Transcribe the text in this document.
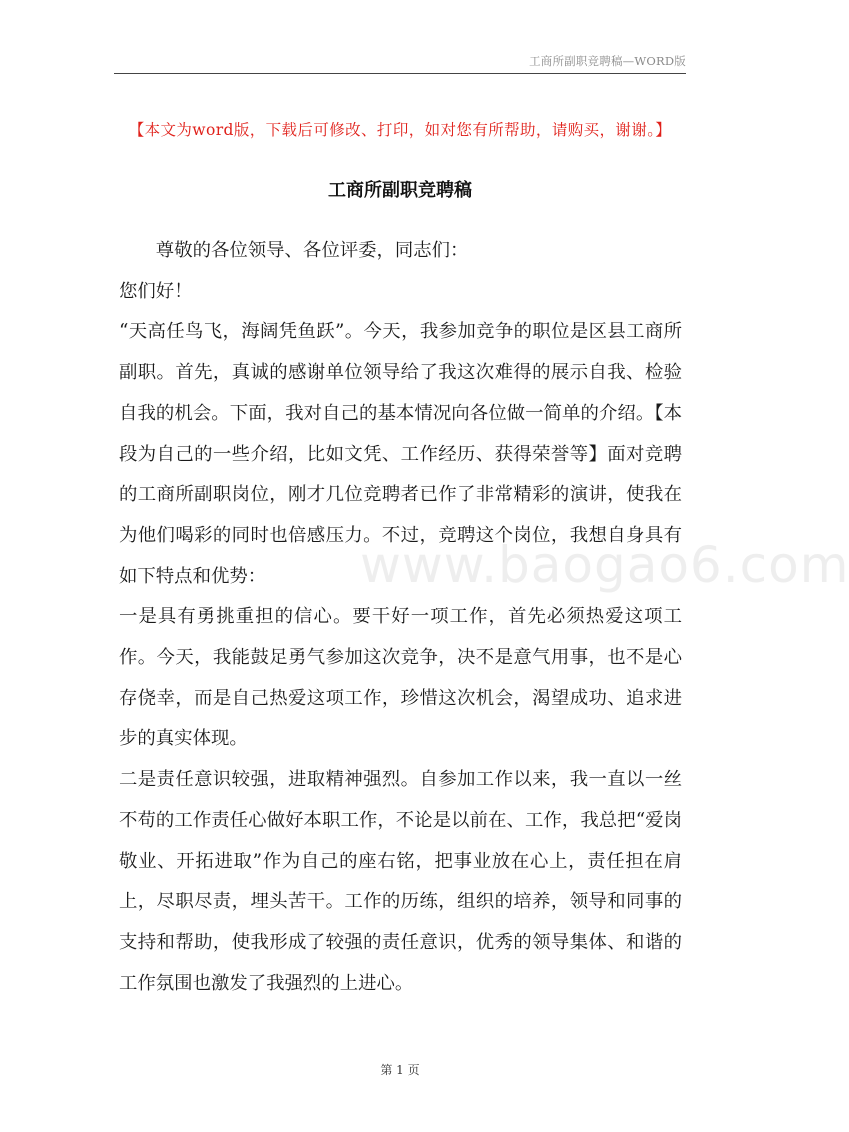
工商所副职竞聘稿—WORD版
【本文为word版，下载后可修改、打印，如对您有所帮助，请购买，谢谢。】
工商所副职竞聘稿

尊敬的各位领导、各位评委，同志们：

您们好！

“天高任鸟飞，海阔凭鱼跃”。今天，我参加竞争的职位是区县工商所副职。首先，真诚的感谢单位领导给了我这次难得的展示自我、检验自我的机会。下面，我对自己的基本情况向各位做一简单的介绍。【本段为自己的一些介绍，比如文凭、工作经历、获得荣誉等】面对竞聘的工商所副职岗位，刚才几位竞聘者已作了非常精彩的演讲，使我在为他们喝彩的同时也倍感压力。不过，竞聘这个岗位，我想自身具有如下特点和优势：

一是具有勇挑重担的信心。要干好一项工作，首先必须热爱这项工作。今天，我能鼓足勇气参加这次竞争，决不是意气用事，也不是心存侥幸，而是自己热爱这项工作，珍惜这次机会，渴望成功、追求进步的真实体现。

二是责任意识较强，进取精神强烈。自参加工作以来，我一直以一丝不苟的工作责任心做好本职工作，不论是以前在、工作，我总把“爱岗敬业、开拓进取”作为自己的座右铭，把事业放在心上，责任担在肩上，尽职尽责，埋头苦干。工作的历练，组织的培养，领导和同事的支持和帮助，使我形成了较强的责任意识，优秀的领导集体、和谐的工作氛围也激发了我强烈的上进心。

www.baogao6.com
第 1 页
